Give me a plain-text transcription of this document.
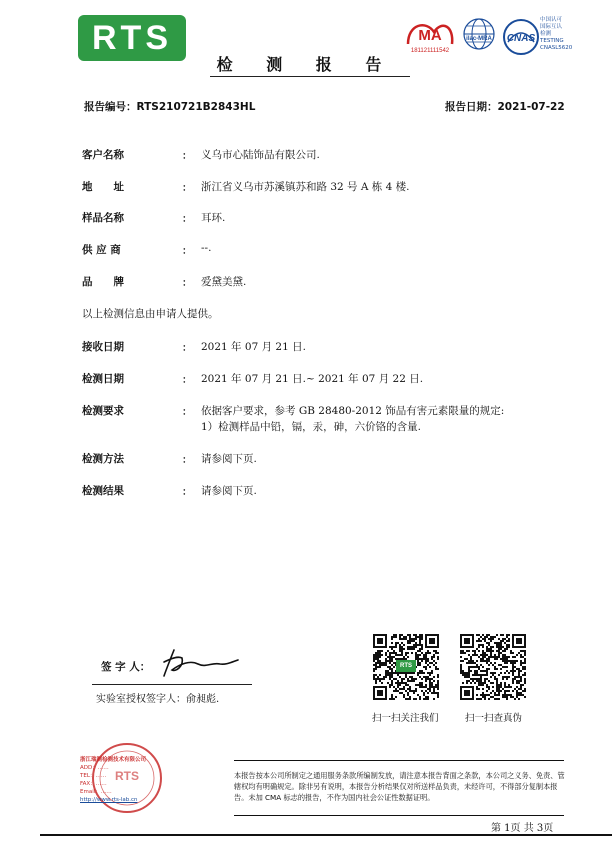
RTS
检 测 报 告
MA
181121111542
ilac-MRA	CNAS
中国认可
国际互认
检测
TESTING
CNASL5620
报告编号：RTS210721B2843HL	报告日期：2021-07-22
客户名称	： 义乌市心陆饰品有限公司.
地　　址	： 浙江省义乌市苏溪镇苏和路 32 号 A 栋 4 楼.
样品名称	： 耳环.
供 应 商	： --.
品　　牌	： 爱黛美黛.
以上检测信息由申请人提供。
接收日期	： 2021 年 07 月 21 日.
检测日期	： 2021 年 07 月 21 日.~ 2021 年 07 月 22 日.
检测要求	： 依据客户要求，参考 GB 28480-2012 饰品有害元素限量的规定:
1）检测样品中铅，镉，汞，砷，六价铬的含量.
检测方法	： 请参阅下页.
检测结果	： 请参阅下页.
签 字 人：
实验室授权签字人：俞昶彪.
RTS
扫一扫关注我们	扫一扫查真伪
RTS
浙江瑞测检测技术有限公司
ADD：……
TEL：……
FAX：……
Email：……
http://www.rts-lab.cn
本报告按本公司所制定之通用服务条款所编制发放，请注意本报告背面之条款，本公司之义务、免责、管辖权均有明确规定。除非另有说明，本报告分析结果仅对所送样品负责，未经许可，不得部分复制本报告。未加 CMA 标志的报告，不作为国内社会公证性数据证明。
第 1页 共 3页
